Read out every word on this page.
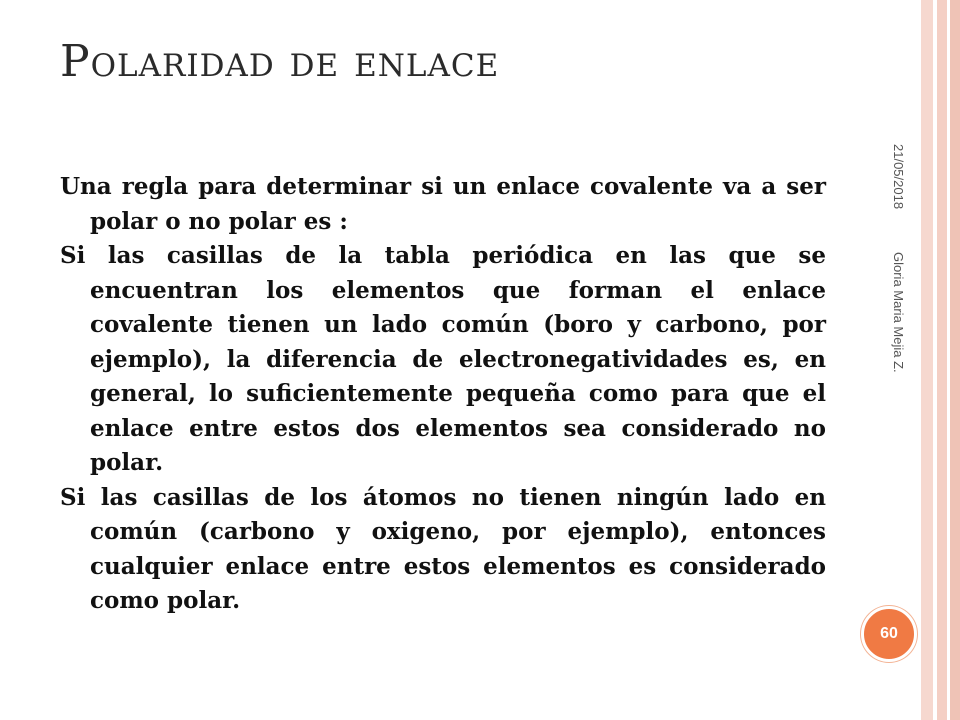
Polaridad de enlace

Una regla para determinar si un enlace covalente va a ser polar o no polar es :

Si las casillas de la tabla periódica en las que se encuentran los elementos que forman el enlace covalente tienen un lado común (boro y carbono, por ejemplo), la diferencia de electronegatividades es, en general, lo suficientemente pequeña como para que el enlace entre estos dos elementos sea considerado no polar.

Si las casillas de los átomos no tienen ningún lado en común (carbono y oxigeno, por ejemplo), entonces cualquier enlace entre estos elementos es considerado como polar.

21/05/2018
Gloria Maria Mejia Z.
60
